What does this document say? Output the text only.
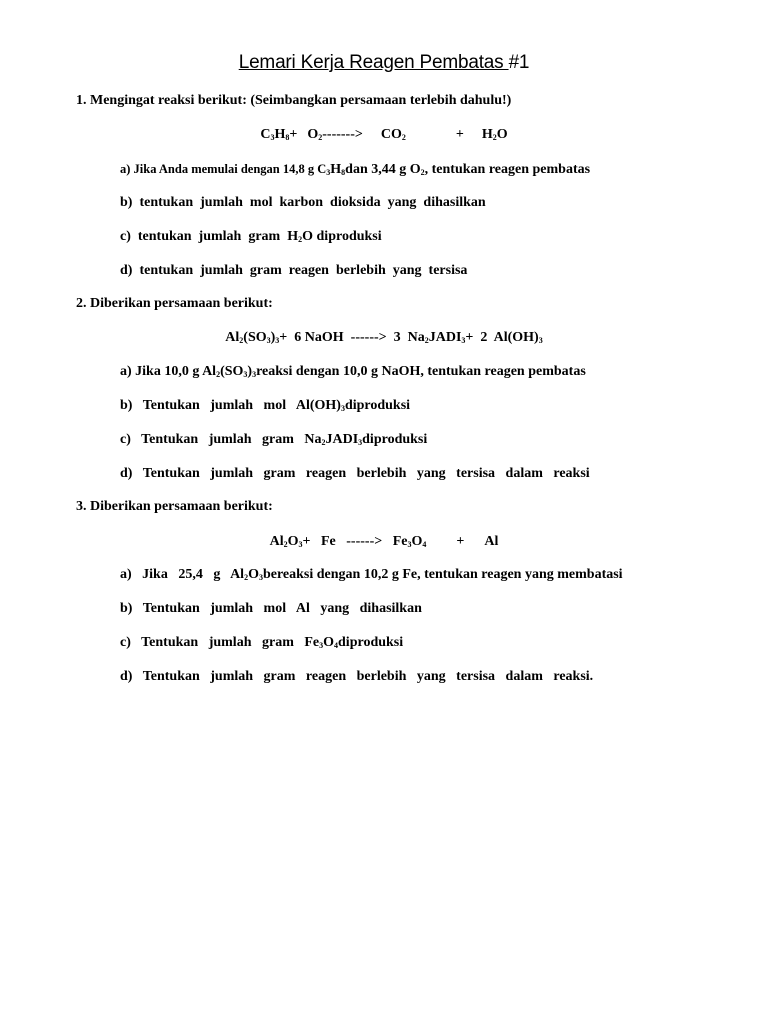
Lemari Kerja Reagen Pembatas #1
1. Mengingat reaksi berikut: (Seimbangkan persamaan terlebih dahulu!)
$C_3H_8+ O_2-------> CO_2$	+ $H_2O$
a) Jika Anda memulai dengan 14,8 g $C_3H_8dan$ 3,44 g $O_2$, tentukan reagen pembatas
b)  tentukan  jumlah  mol  karbon  dioksida  yang  dihasilkan
c)  tentukan  jumlah  gram  $H_2O$ diproduksi
d)  tentukan  jumlah  gram  reagen  berlebih  yang  tersisa
2. Diberikan persamaan berikut:
$Al_2(SO_3)_3+ 6$ NaOH  ------>  3  $Na_2JADI_3+ 2$  $Al(OH)_3$
a) Jika 10,0 g $Al_2(SO_3)_3reaksi$ dengan 10,0 g NaOH, tentukan reagen pembatas
b)   Tentukan   jumlah   mol   $Al(OH)_3diproduksi$
c)   Tentukan   jumlah   gram   $Na_2JADI_3diproduksi$
d)   Tentukan   jumlah   gram   reagen   berlebih   yang   tersisa   dalam   reaksi
3. Diberikan persamaan berikut:
$Al_2O_3+ Fe$   ------>   $Fe_3O_4 + Al$
a)   Jika   25,4   g   $Al_2O_3bereaksi$ dengan 10,2 g Fe, tentukan reagen yang membatasi
b)   Tentukan   jumlah   mol   Al   yang   dihasilkan
c)   Tentukan   jumlah   gram   $Fe_3O_4diproduksi$
d)   Tentukan   jumlah   gram   reagen   berlebih   yang   tersisa   dalam   reaksi.
